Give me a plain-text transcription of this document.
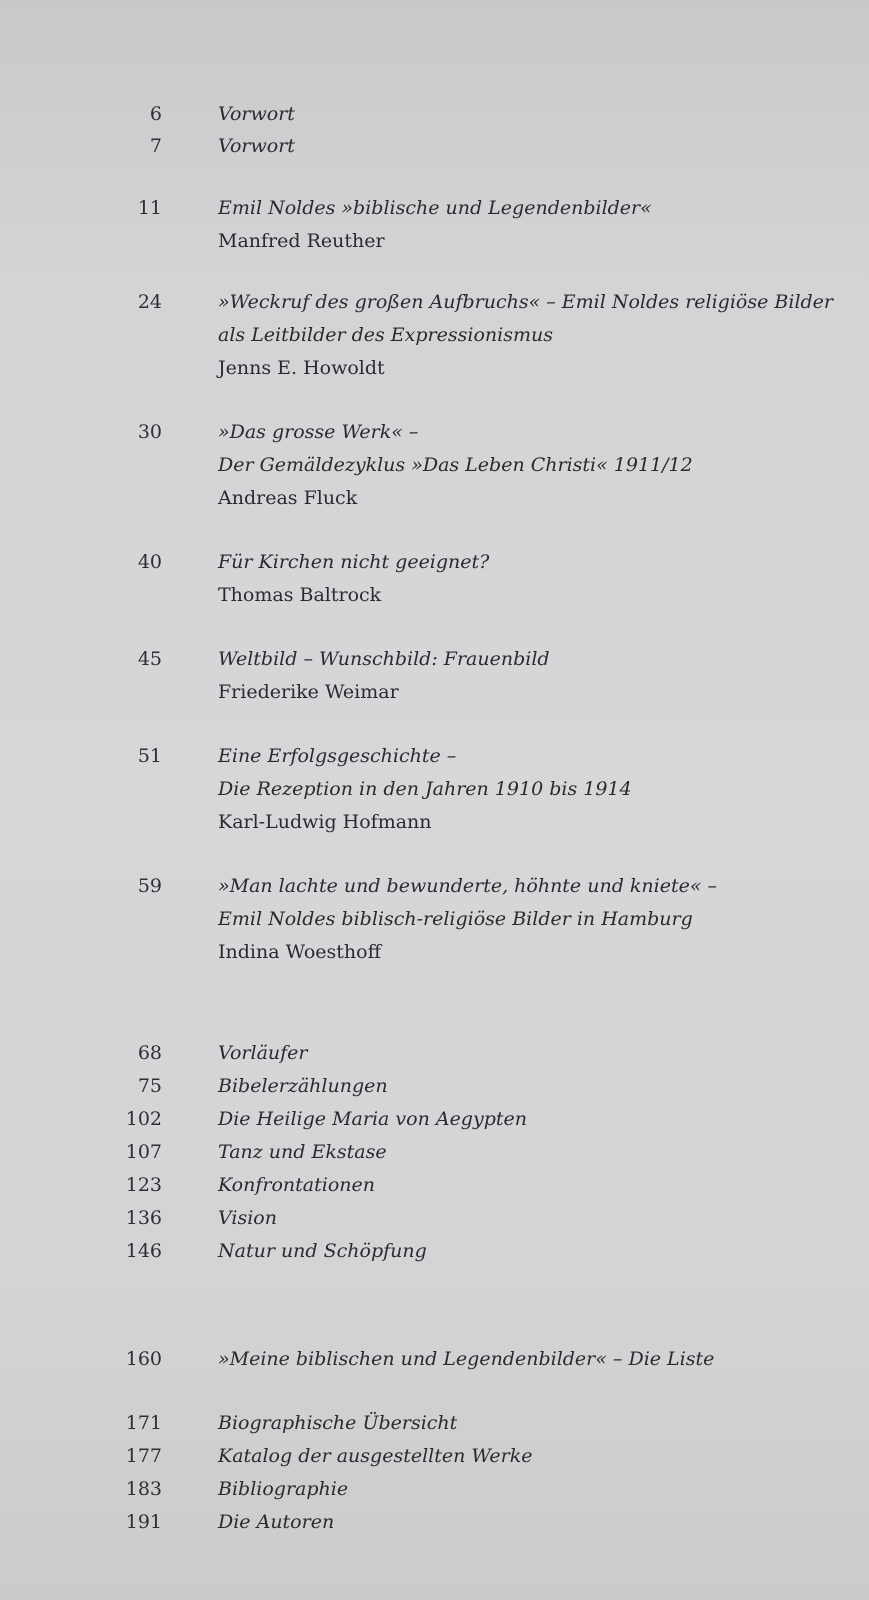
6	Vorwort
7	Vorwort
11	Emil Noldes »biblische und Legendenbilder«
Manfred Reuther
24	»Weckruf des großen Aufbruchs« – Emil Noldes religiöse Bilder
als Leitbilder des Expressionismus
Jenns E. Howoldt
30	»Das grosse Werk« –
Der Gemäldezyklus »Das Leben Christi« 1911/12
Andreas Fluck
40	Für Kirchen nicht geeignet?
Thomas Baltrock
45	Weltbild – Wunschbild: Frauenbild
Friederike Weimar
51	Eine Erfolgsgeschichte –
Die Rezeption in den Jahren 1910 bis 1914
Karl-Ludwig Hofmann
59	»Man lachte und bewunderte, höhnte und kniete« –
Emil Noldes biblisch-religiöse Bilder in Hamburg
Indina Woesthoff
68	Vorläufer
75	Bibelerzählungen
102	Die Heilige Maria von Aegypten
107	Tanz und Ekstase
123	Konfrontationen
136	Vision
146	Natur und Schöpfung
160	»Meine biblischen und Legendenbilder« – Die Liste
171	Biographische Übersicht
177	Katalog der ausgestellten Werke
183	Bibliographie
191	Die Autoren
